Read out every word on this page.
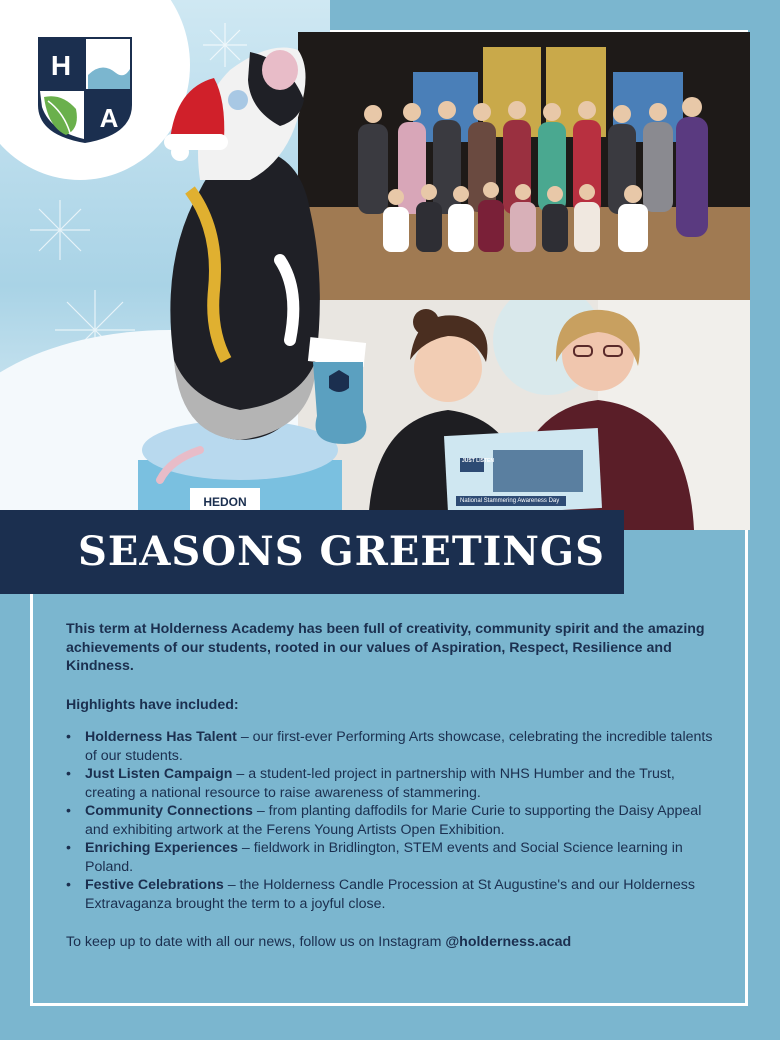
H
A
JUST LISTEN
National Stammering Awareness Day
HEDON
SEASONS GREETINGS

This term at Holderness Academy has been full of creativity, community spirit and the amazing achievements of our students, rooted in our values of Aspiration, Respect, Resilience and Kindness.

Highlights have included:

• Holderness Has Talent – our first-ever Performing Arts showcase, celebrating the incredible talents of our students.
• Just Listen Campaign – a student-led project in partnership with NHS Humber and the Trust, creating a national resource to raise awareness of stammering.
• Community Connections – from planting daffodils for Marie Curie to supporting the Daisy Appeal and exhibiting artwork at the Ferens Young Artists Open Exhibition.
• Enriching Experiences – fieldwork in Bridlington, STEM events and Social Science learning in Poland.
• Festive Celebrations – the Holderness Candle Procession at St Augustine's and our Holderness Extravaganza brought the term to a joyful close.

To keep up to date with all our news, follow us on Instagram @holderness.acad
